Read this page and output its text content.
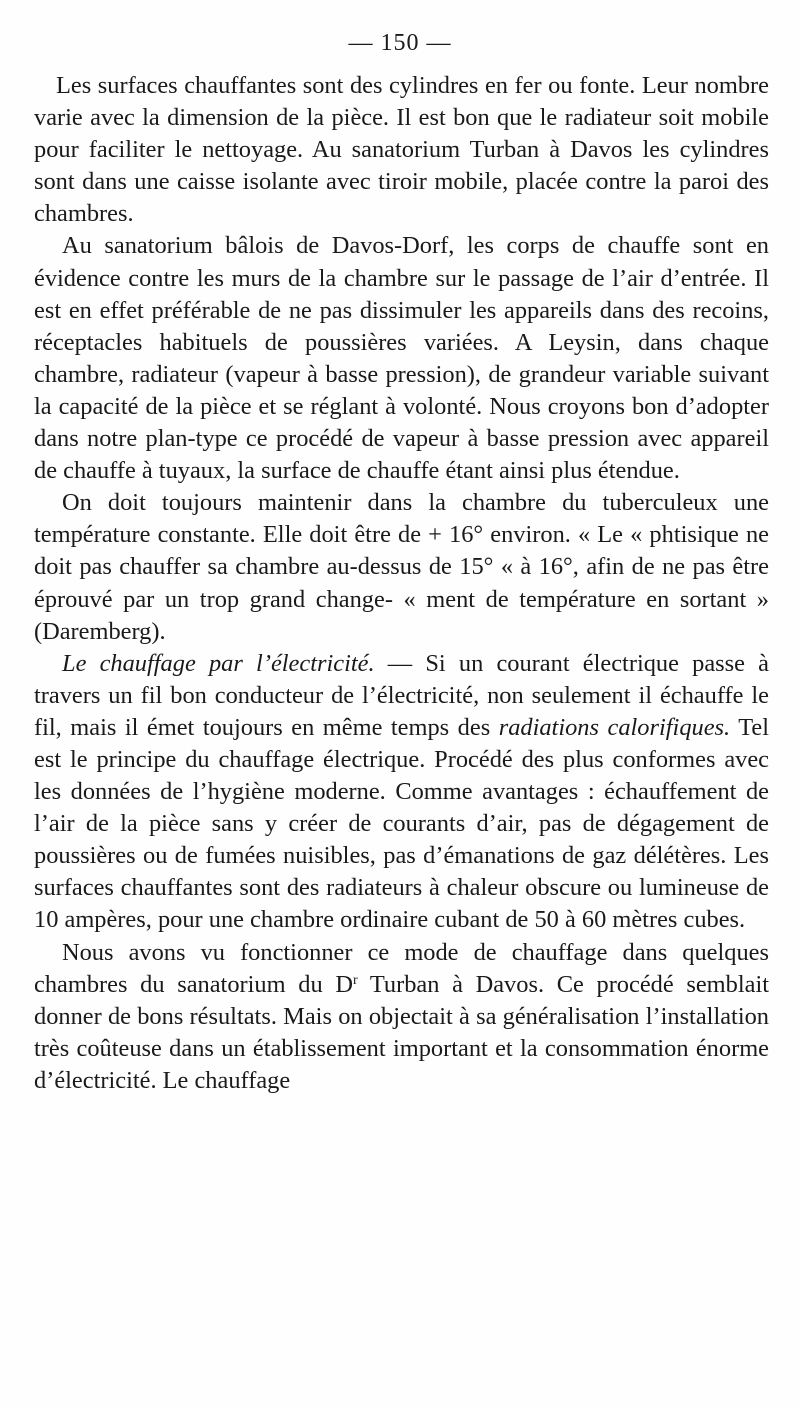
— 150 —

Les surfaces chauffantes sont des cylindres en fer ou fonte. Leur nombre varie avec la dimension de la pièce. Il est bon que le radiateur soit mobile pour faciliter le nettoyage. Au sanatorium Turban à Davos les cylindres sont dans une caisse isolante avec tiroir mobile, placée contre la paroi des chambres.

Au sanatorium bâlois de Davos-Dorf, les corps de chauffe sont en évidence contre les murs de la chambre sur le passage de l’air d’entrée. Il est en effet préférable de ne pas dissimuler les appareils dans des recoins, réceptacles habituels de poussières variées. A Leysin, dans chaque chambre, radiateur (vapeur à basse pression), de grandeur variable suivant la capacité de la pièce et se réglant à volonté. Nous croyons bon d’adopter dans notre plan-type ce procédé de vapeur à basse pression avec appareil de chauffe à tuyaux, la surface de chauffe étant ainsi plus étendue.

On doit toujours maintenir dans la chambre du tuberculeux une température constante. Elle doit être de + 16° environ. « Le « phtisique ne doit pas chauffer sa chambre au-dessus de 15° « à 16°, afin de ne pas être éprouvé par un trop grand change- « ment de température en sortant » (Daremberg).

Le chauffage par l’électricité. — Si un courant électrique passe à travers un fil bon conducteur de l’électricité, non seulement il échauffe le fil, mais il émet toujours en même temps des radiations calorifiques. Tel est le principe du chauffage électrique. Procédé des plus conformes avec les données de l’hygiène moderne. Comme avantages : échauffement de l’air de la pièce sans y créer de courants d’air, pas de dégagement de poussières ou de fumées nuisibles, pas d’émanations de gaz délétères. Les surfaces chauffantes sont des radiateurs à chaleur obscure ou lumineuse de 10 ampères, pour une chambre ordinaire cubant de 50 à 60 mètres cubes.

Nous avons vu fonctionner ce mode de chauffage dans quelques chambres du sanatorium du $D^r$ Turban à Davos. Ce procédé semblait donner de bons résultats. Mais on objectait à sa généralisation l’installation très coûteuse dans un établissement important et la consommation énorme d’électricité. Le chauffage
